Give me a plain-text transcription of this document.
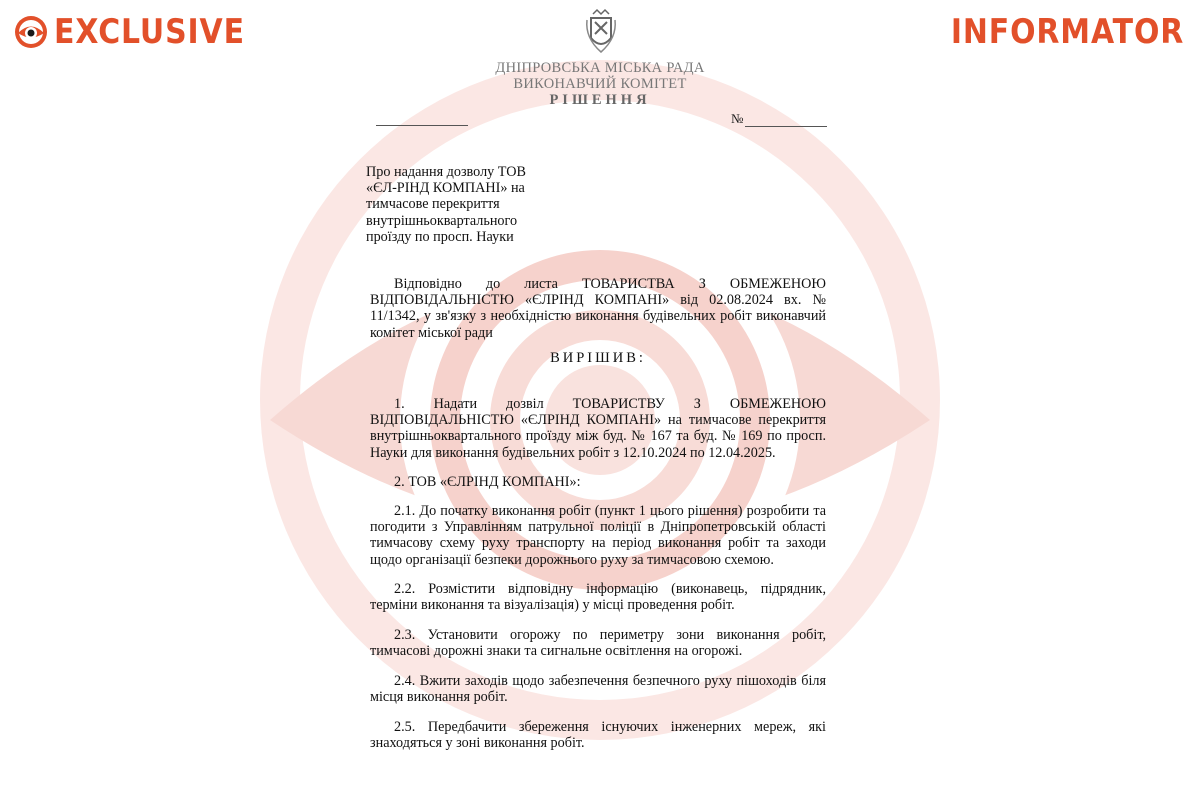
EXCLUSIVE	INFORMATOR
ДНІПРОВСЬКА МІСЬКА РАДА
ВИКОНАВЧИЙ КОМІТЕТ
РІШЕННЯ
№

Про надання дозволу ТОВ «ЄЛ-РІНД КОМПАНІ» на тимчасове перекриття внутрішньоквартального проїзду по просп. Науки

Відповідно до листа ТОВАРИСТВА З ОБМЕЖЕНОЮ ВІДПОВІДАЛЬНІСТЮ «ЄЛРІНД КОМПАНІ» від 02.08.2024 вх. № 11/1342, у зв'язку з необхідністю виконання будівельних робіт виконавчий комітет міської ради

ВИРІШИВ:

1. Надати дозвіл ТОВАРИСТВУ З ОБМЕЖЕНОЮ ВІДПОВІДАЛЬНІСТЮ «ЄЛРІНД КОМПАНІ» на тимчасове перекриття внутрішньоквартального проїзду між буд. № 167 та буд. № 169 по просп. Науки для виконання будівельних робіт з 12.10.2024 по 12.04.2025.

2. ТОВ «ЄЛРІНД КОМПАНІ»:

2.1. До початку виконання робіт (пункт 1 цього рішення) розробити та погодити з Управлінням патрульної поліції в Дніпропетровській області тимчасову схему руху транспорту на період виконання робіт та заходи щодо організації безпеки дорожнього руху за тимчасовою схемою.

2.2. Розмістити відповідну інформацію (виконавець, підрядник, терміни виконання та візуалізація) у місці проведення робіт.

2.3. Установити огорожу по периметру зони виконання робіт, тимчасові дорожні знаки та сигнальне освітлення на огорожі.

2.4. Вжити заходів щодо забезпечення безпечного руху пішоходів біля місця виконання робіт.

2.5. Передбачити збереження існуючих інженерних мереж, які знаходяться у зоні виконання робіт.
